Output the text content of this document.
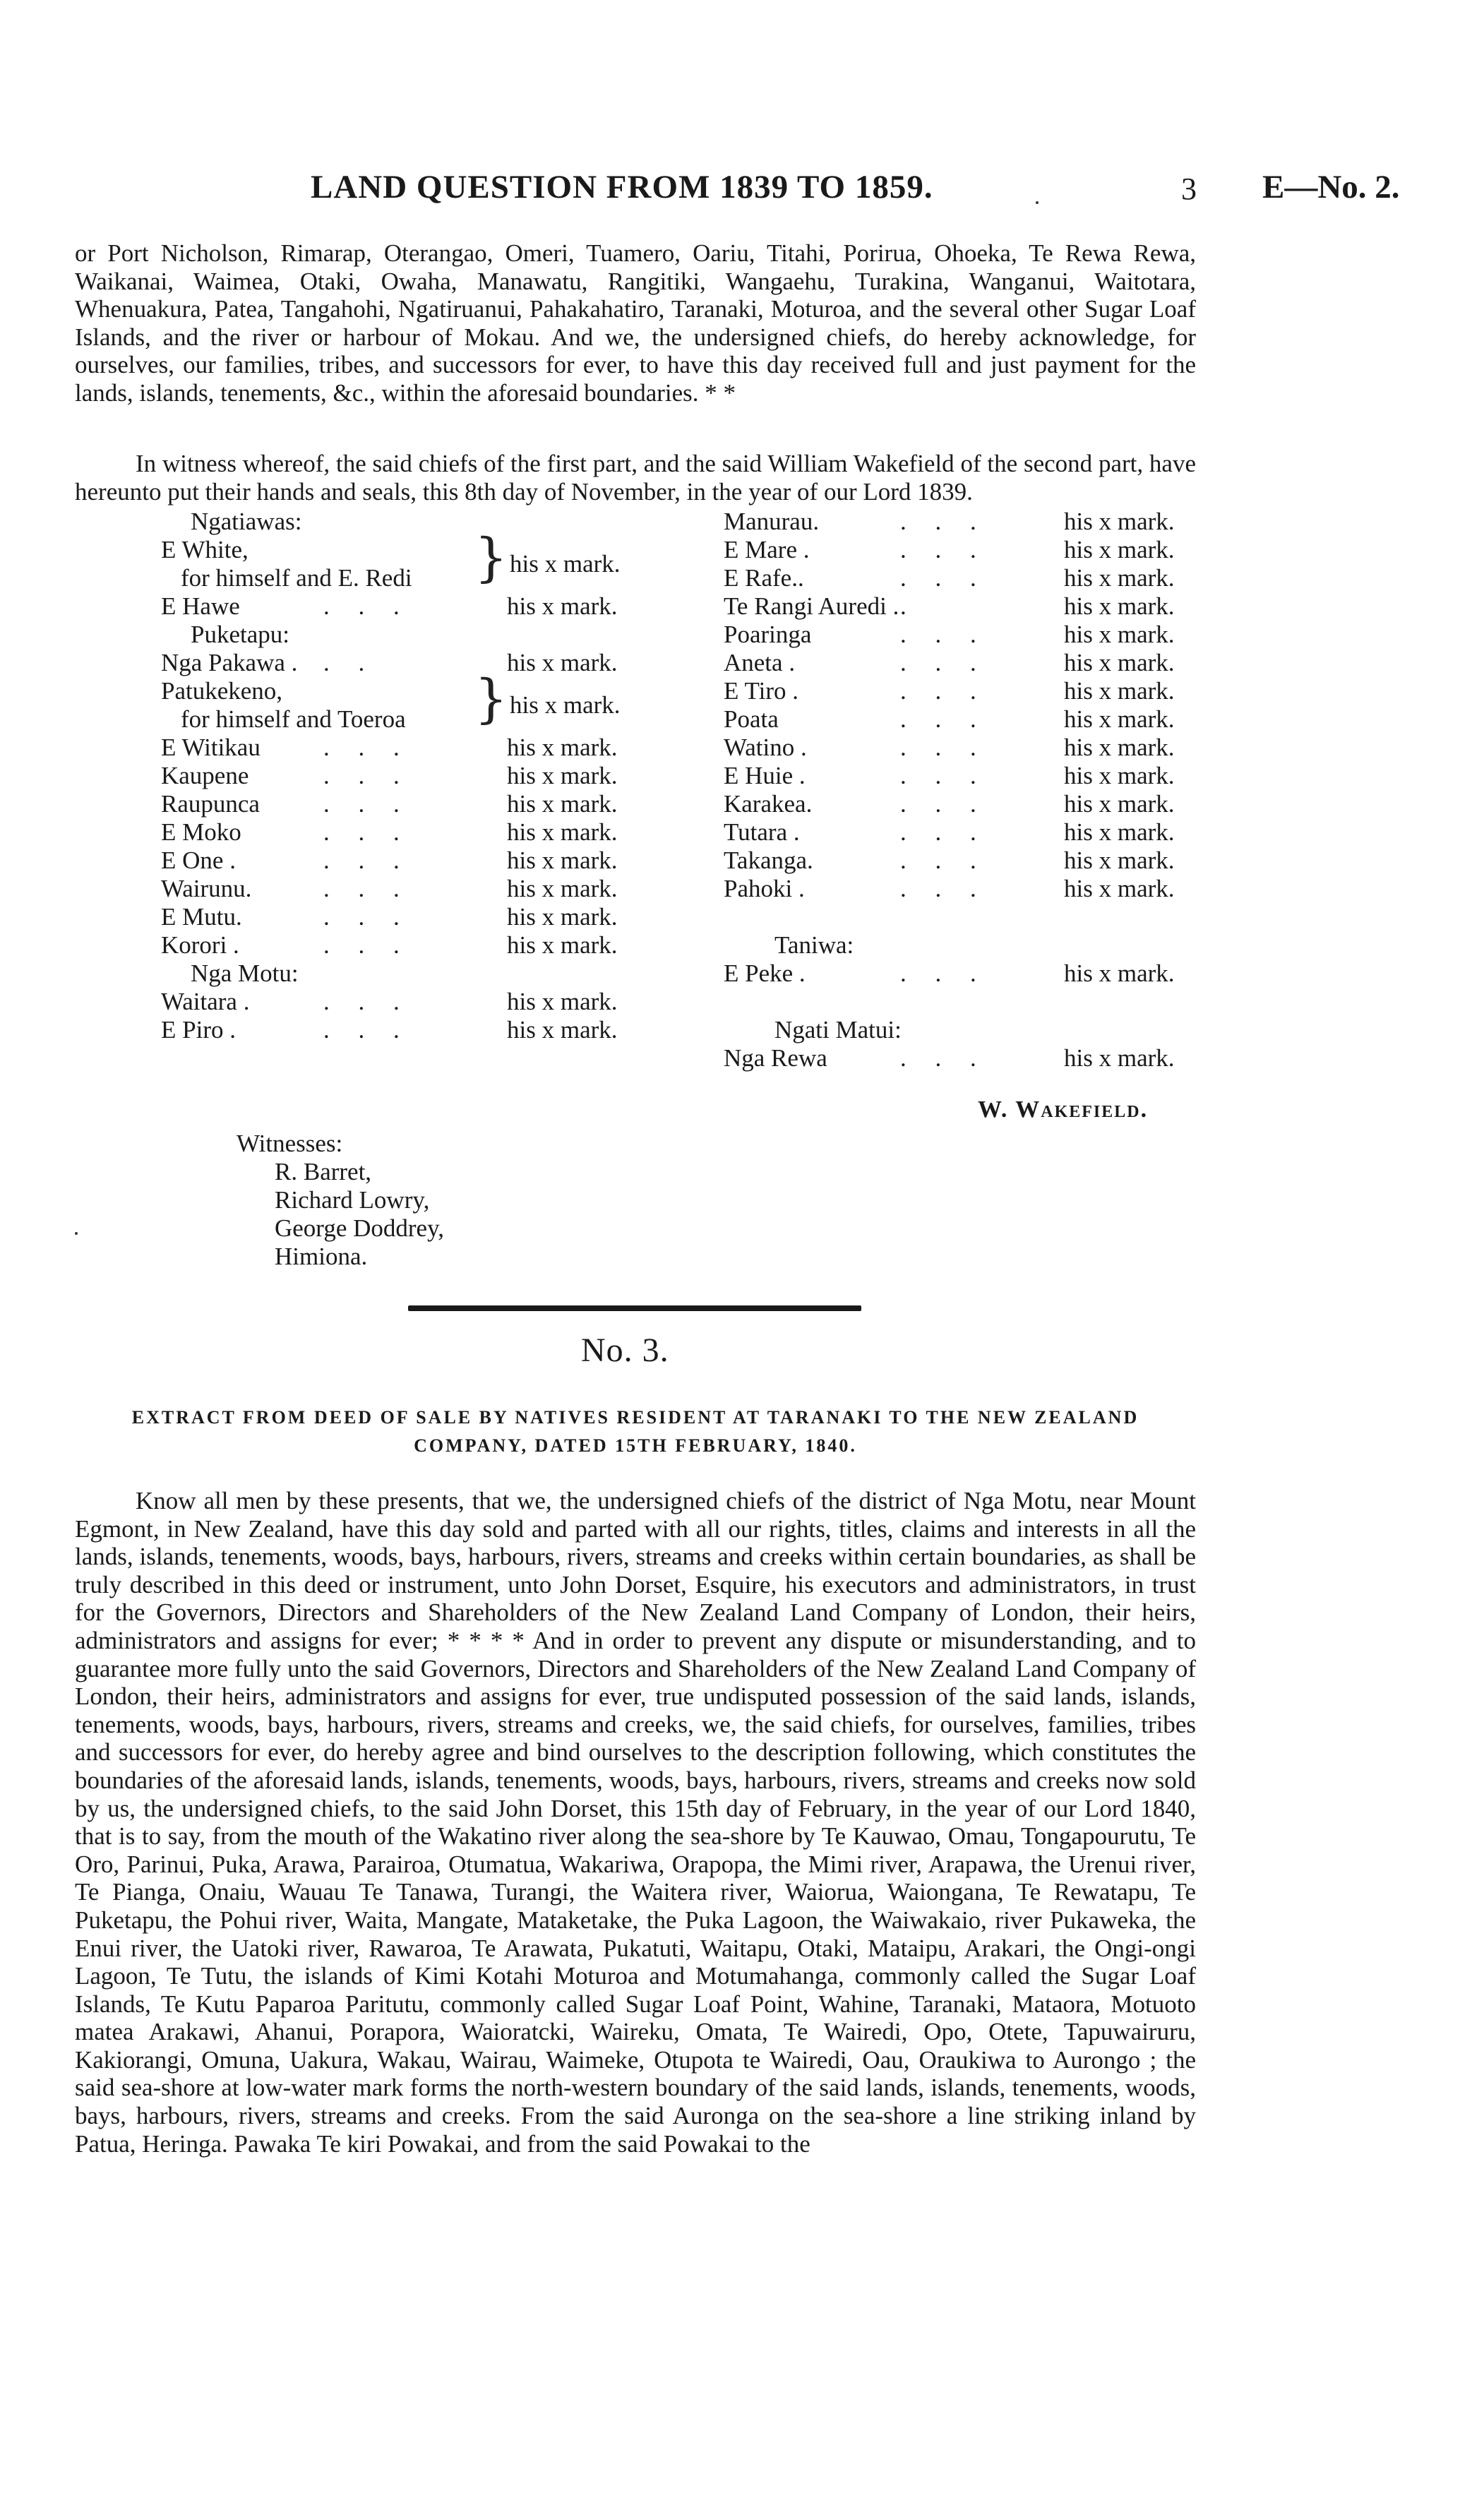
LAND QUESTION FROM 1839 TO 1859.	3 E—No. 2.
or Port Nicholson, Rimarap, Oterangao, Omeri, Tuamero, Oariu, Titahi, Porirua, Ohoeka, Te Rewa Rewa, Waikanai, Waimea, Otaki, Owaha, Manawatu, Rangitiki, Wangaehu, Turakina, Wanganui, Waitotara, Whenuakura, Patea, Tangahohi, Ngatiruanui, Pahakahatiro, Taranaki, Moturoa, and the several other Sugar Loaf Islands, and the river or harbour of Mokau. And we, the undersigned chiefs, do hereby acknowledge, for ourselves, our families, tribes, and successors for ever, to have this day received full and just payment for the lands, islands, tenements, &c., within the aforesaid boundaries. * *
In witness whereof, the said chiefs of the first part, and the said William Wakefield of the second part, have hereunto put their hands and seals, this 8th day of November, in the year of our Lord 1839.
Ngatiawas:
E White,
for himself and E. Redi } his x mark.
E Hawe	. . .	his x mark.
Puketapu:
Nga Pakawa . . .	his x mark.
Patukekeno,
for himself and Toeroa } his x mark.
E Witikau	. . .	his x mark.
Kaupene	. . .	his x mark.
Raupunca	. . .	his x mark.
E Moko	. . .	his x mark.
E One .	. . .	his x mark.
Wairunu.	. . .	his x mark.
E Mutu.	. . .	his x mark.
Korori .	. . .	his x mark.
Nga Motu:
Waitara .	. . .	his x mark.
E Piro .	. . .	his x mark.
Manurau.	. . .	his x mark.
E Mare .	. . .	his x mark.
E Rafe..	. . .	his x mark.
Te Rangi Auredi . .	his x mark.
Poaringa	. . .	his x mark.
Aneta .	. . .	his x mark.
E Tiro .	. . .	his x mark.
Poata	. . .	his x mark.
Watino .	. . .	his x mark.
E Huie .	. . .	his x mark.
Karakea.	. . .	his x mark.
Tutara .	. . .	his x mark.
Takanga.	. . .	his x mark.
Pahoki .	. . .	his x mark.
Taniwa:
E Peke .	. . .	his x mark.
Ngati Matui:
Nga Rewa	. . .	his x mark.
W. Wakefield.
Witnesses:
R. Barret,
Richard Lowry,
George Doddrey,
Himiona.
No. 3.
EXTRACT FROM DEED OF SALE BY NATIVES RESIDENT AT TARANAKI TO THE NEW ZEALAND COMPANY, DATED 15TH FEBRUARY, 1840.
Know all men by these presents, that we, the undersigned chiefs of the district of Nga Motu, near Mount Egmont, in New Zealand, have this day sold and parted with all our rights, titles, claims and interests in all the lands, islands, tenements, woods, bays, harbours, rivers, streams and creeks within certain boundaries, as shall be truly described in this deed or instrument, unto John Dorset, Esquire, his executors and administrators, in trust for the Governors, Directors and Shareholders of the New Zealand Land Company of London, their heirs, administrators and assigns for ever; * * * * And in order to prevent any dispute or misunderstanding, and to guarantee more fully unto the said Governors, Directors and Shareholders of the New Zealand Land Company of London, their heirs, administrators and assigns for ever, true undisputed possession of the said lands, islands, tenements, woods, bays, harbours, rivers, streams and creeks, we, the said chiefs, for ourselves, families, tribes and successors for ever, do hereby agree and bind ourselves to the description following, which constitutes the boundaries of the aforesaid lands, islands, tenements, woods, bays, harbours, rivers, streams and creeks now sold by us, the undersigned chiefs, to the said John Dorset, this 15th day of February, in the year of our Lord 1840, that is to say, from the mouth of the Wakatino river along the sea-shore by Te Kauwao, Omau, Tongapourutu, Te Oro, Parinui, Puka, Arawa, Parairoa, Otumatua, Wakariwa, Orapopa, the Mimi river, Arapawa, the Urenui river, Te Pianga, Onaiu, Wauau Te Tanawa, Turangi, the Waitera river, Waiorua, Waiongana, Te Rewatapu, Te Puketapu, the Pohui river, Waita, Mangate, Mataketake, the Puka Lagoon, the Waiwakaio, river Pukaweka, the Enui river, the Uatoki river, Rawaroa, Te Arawata, Pukatuti, Waitapu, Otaki, Mataipu, Arakari, the Ongi-ongi Lagoon, Te Tutu, the islands of Kimi Kotahi Moturoa and Motumahanga, commonly called the Sugar Loaf Islands, Te Kutu Paparoa Paritutu, commonly called Sugar Loaf Point, Wahine, Taranaki, Mataora, Motuoto matea Arakawi, Ahanui, Porapora, Waioratcki, Waireku, Omata, Te Wairedi, Opo, Otete, Tapuwairuru, Kakiorangi, Omuna, Uakura, Wakau, Wairau, Waimeke, Otupota te Wairedi, Oau, Oraukiwa to Aurongo ; the said sea-shore at low-water mark forms the north-western boundary of the said lands, islands, tenements, woods, bays, harbours, rivers, streams and creeks. From the said Auronga on the sea-shore a line striking inland by Patua, Heringa. Pawaka Te kiri Powakai, and from the said Powakai to the
